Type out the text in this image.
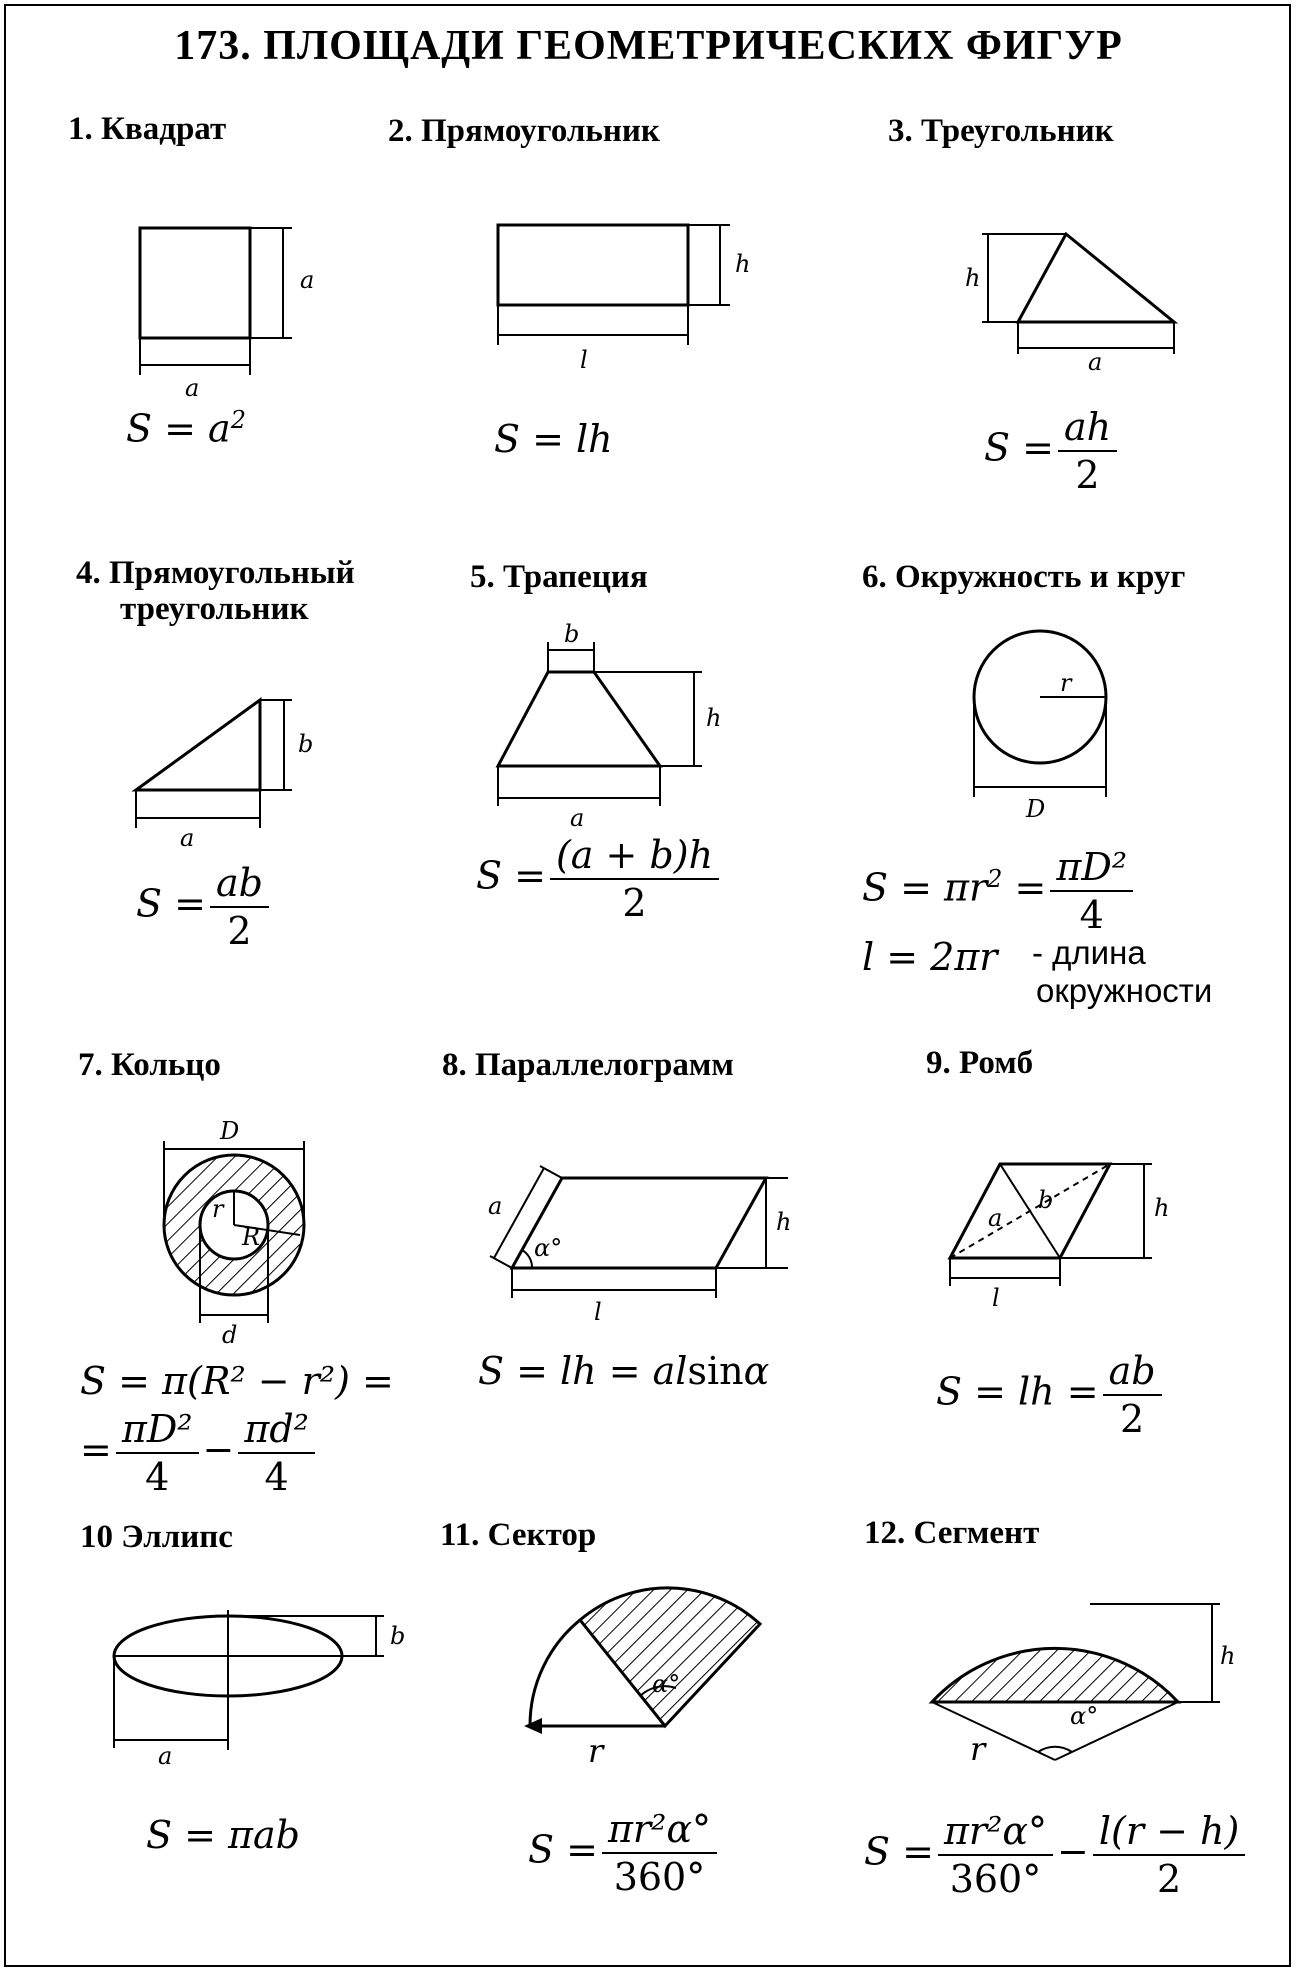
173. ПЛОЩАДИ ГЕОМЕТРИЧЕСКИХ ФИГУР
1. Квадрат	2. Прямоугольник	3. Треугольник
4. Прямоугольный
треугольник
5. Трапеция	6. Окружность и круг
7. Кольцо	8. Параллелограмм	9. Ромб
10 Эллипс	11. Сектор	12. Сегмент
a
a
h
l
h
a
b
a
b
h
a
r
D
D
r
R
d
a
α°
h
l
a
b	h
l
b
a
α°
r
h
α°
r
$S = a^2$	S = lh	$S = \frac{ah}{2}$
$S = \frac{ab}{2}$	$S = \frac{(a + b)h}{2}$	$S = \pi r^2 = \frac{\text{πD²}}{4}$
l = 2πr - длина
окружности
S = π(R² − r²) =
= $\frac{\text{πD²}}{4} - \frac{\text{πd²}}{4}$
S = lh = alsinα	S = lh = $\frac{ab}{2}$
S = πab	$S = \frac{\text{πr²α°}}{360^\circ}$	$S = \frac{\text{πr²α°}}{360^\circ} - \frac{l(r - h)}{2}$
